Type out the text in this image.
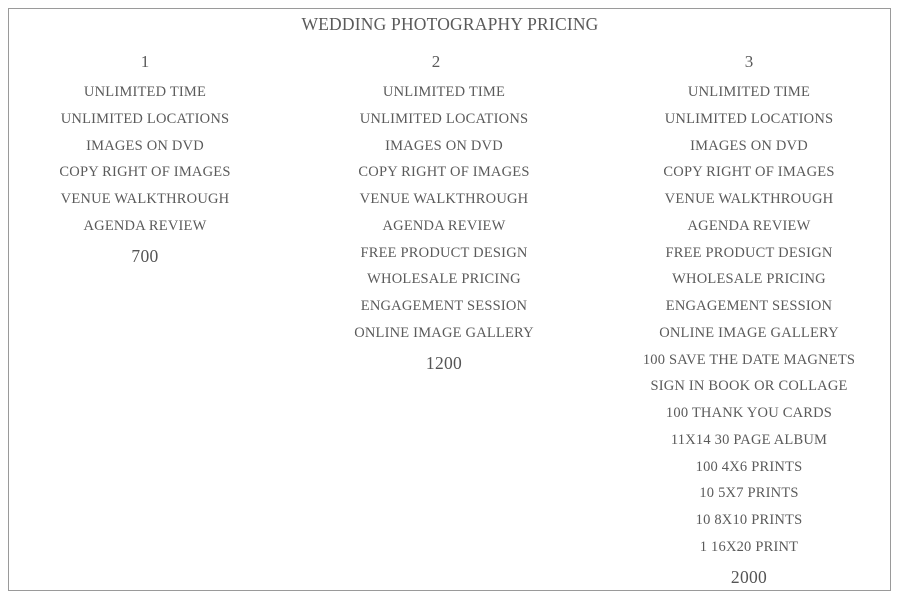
WEDDING PHOTOGRAPHY PRICING
1
UNLIMITED TIME
UNLIMITED LOCATIONS
IMAGES ON DVD
COPY RIGHT OF IMAGES
VENUE WALKTHROUGH
AGENDA REVIEW
700
2
UNLIMITED TIME
UNLIMITED LOCATIONS
IMAGES ON DVD
COPY RIGHT OF IMAGES
VENUE WALKTHROUGH
AGENDA REVIEW
FREE PRODUCT DESIGN
WHOLESALE PRICING
ENGAGEMENT SESSION
ONLINE IMAGE GALLERY
1200
3
UNLIMITED TIME
UNLIMITED LOCATIONS
IMAGES ON DVD
COPY RIGHT OF IMAGES
VENUE WALKTHROUGH
AGENDA REVIEW
FREE PRODUCT DESIGN
WHOLESALE PRICING
ENGAGEMENT SESSION
ONLINE IMAGE GALLERY
100 SAVE THE DATE MAGNETS
SIGN IN BOOK OR COLLAGE
100 THANK YOU CARDS
11X14 30 PAGE ALBUM
100 4X6 PRINTS
10 5X7 PRINTS
10 8X10 PRINTS
1 16X20 PRINT
2000
